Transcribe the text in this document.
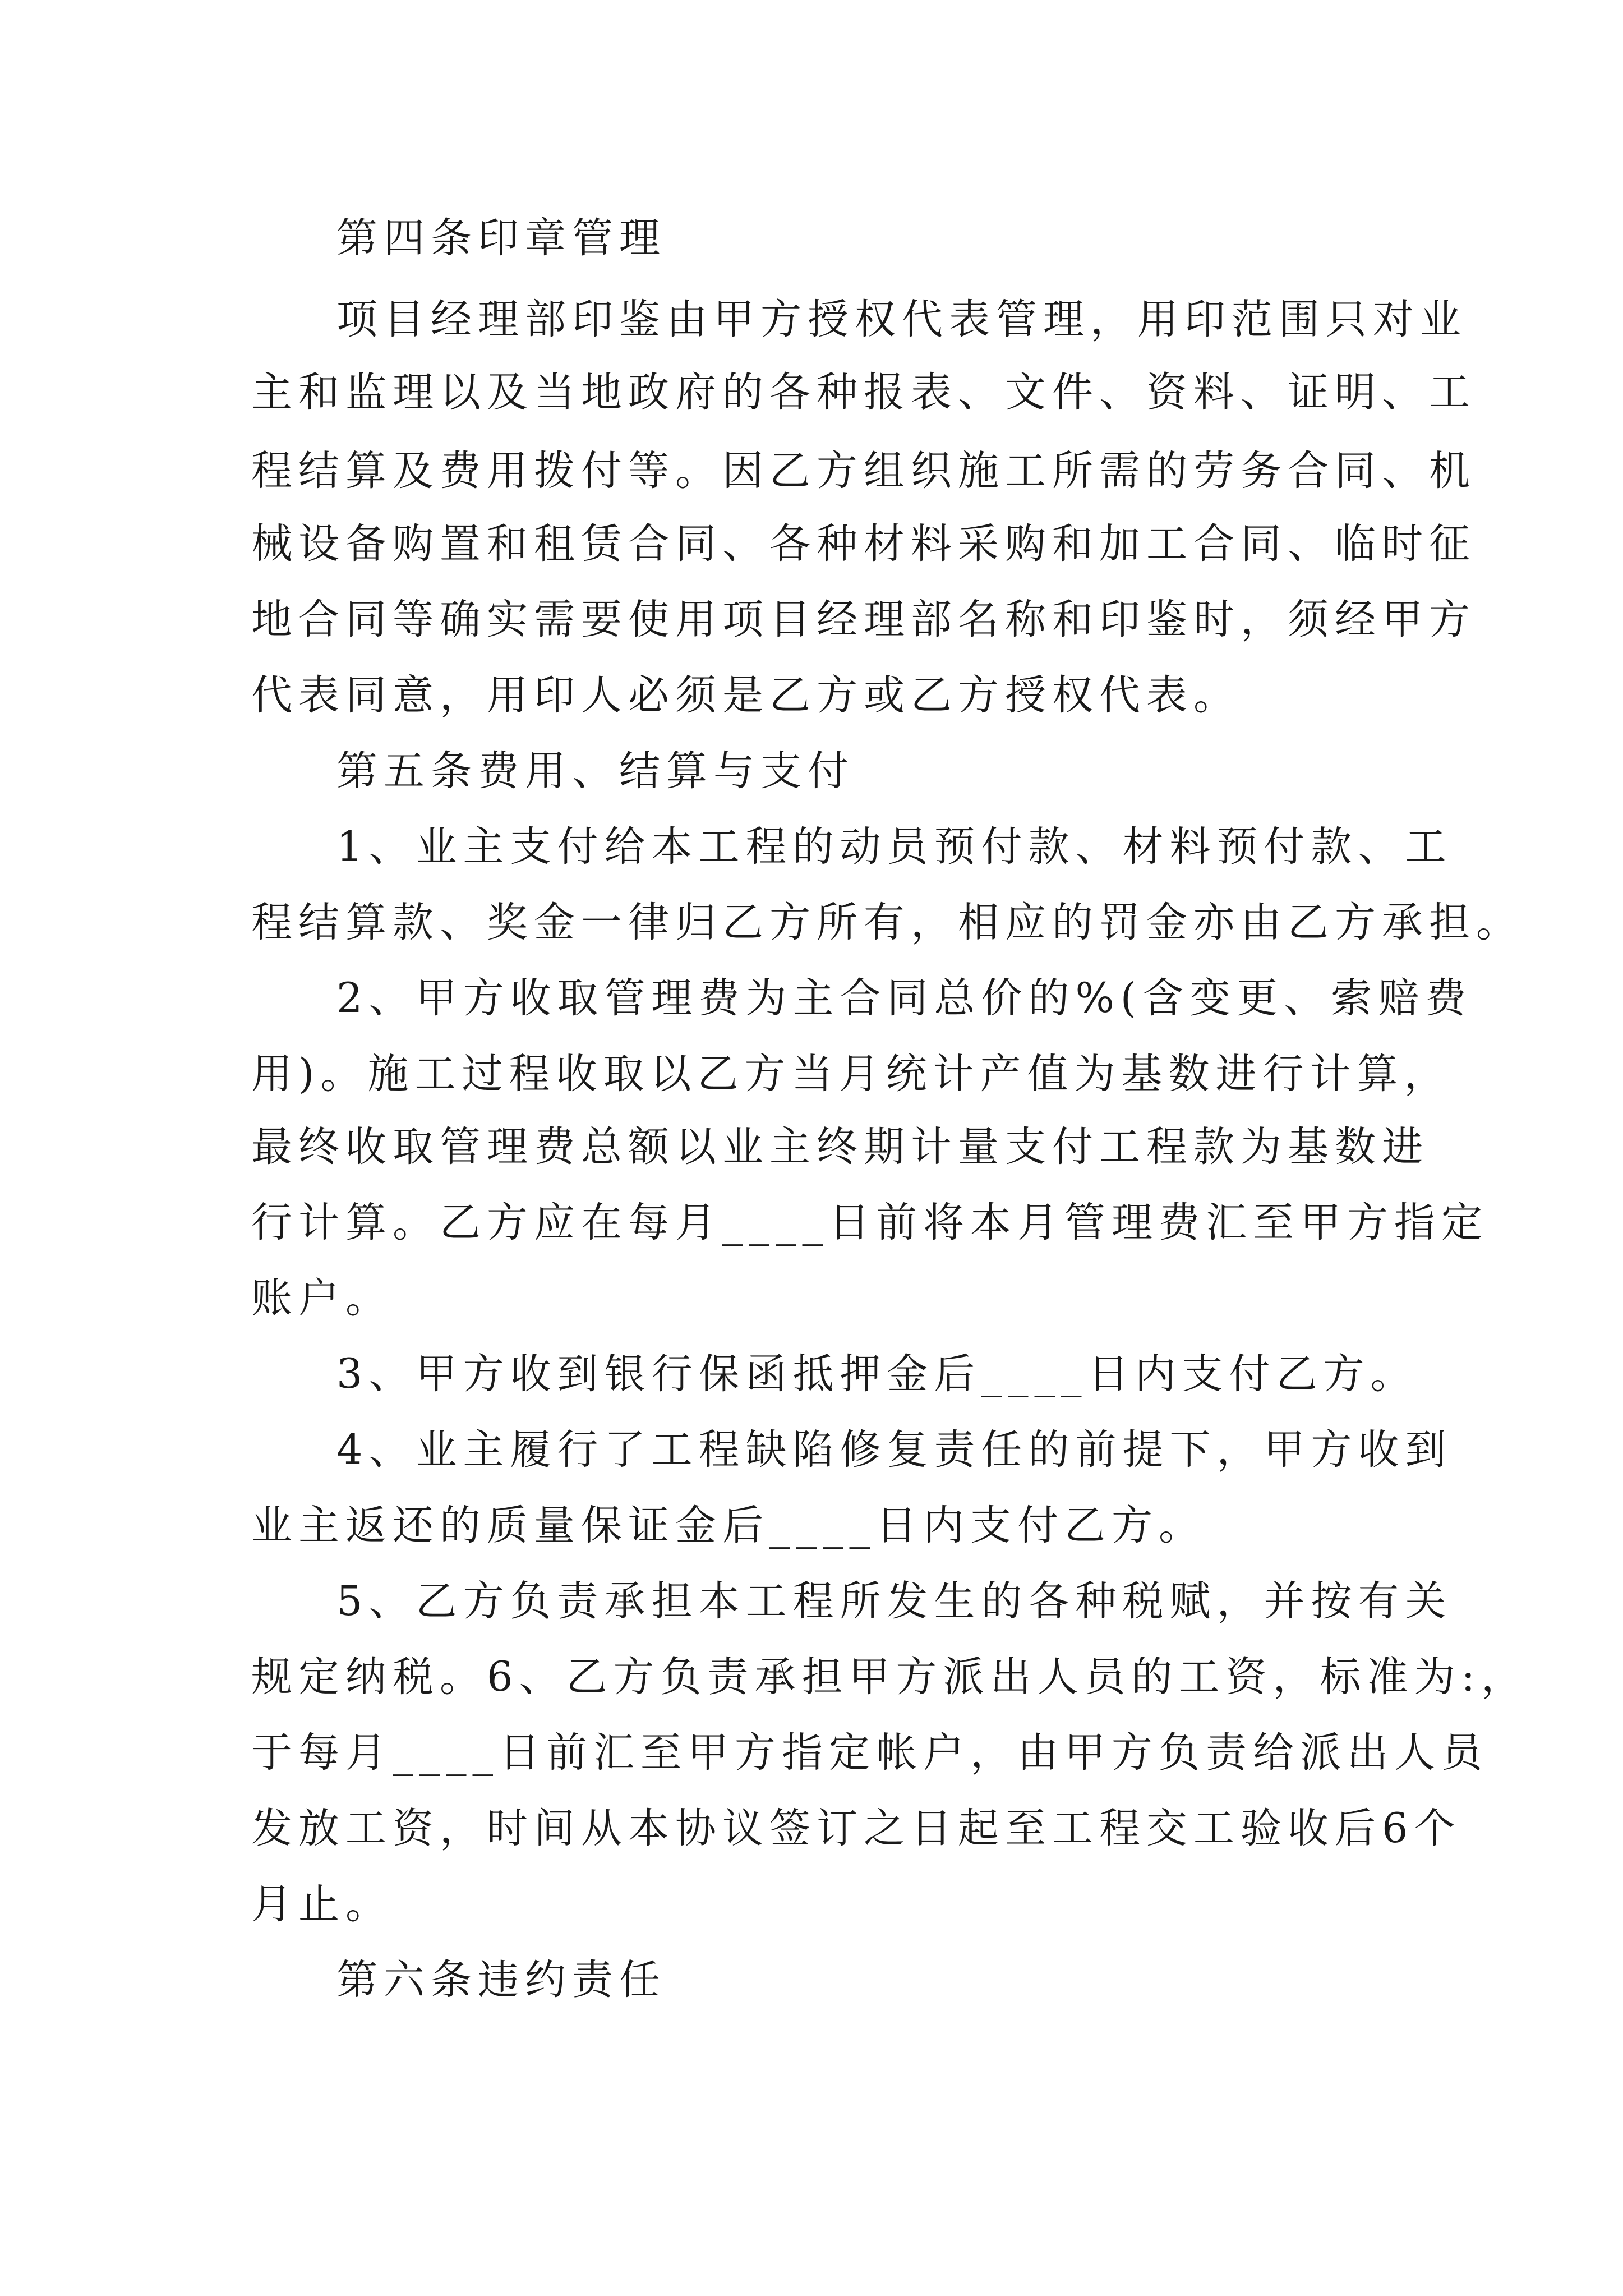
第四条印章管理

项目经理部印鉴由甲方授权代表管理，用印范围只对业

主和监理以及当地政府的各种报表、文件、资料、证明、工

程结算及费用拨付等。因乙方组织施工所需的劳务合同、机

械设备购置和租赁合同、各种材料采购和加工合同、临时征

地合同等确实需要使用项目经理部名称和印鉴时，须经甲方

代表同意，用印人必须是乙方或乙方授权代表。

第五条费用、结算与支付

1、业主支付给本工程的动员预付款、材料预付款、工

程结算款、奖金一律归乙方所有，相应的罚金亦由乙方承担。

2、甲方收取管理费为主合同总价的%(含变更、索赔费

用)。施工过程收取以乙方当月统计产值为基数进行计算，

最终收取管理费总额以业主终期计量支付工程款为基数进

行计算。乙方应在每月____日前将本月管理费汇至甲方指定

账户。

3、甲方收到银行保函抵押金后____日内支付乙方。

4、业主履行了工程缺陷修复责任的前提下，甲方收到

业主返还的质量保证金后____日内支付乙方。

5、乙方负责承担本工程所发生的各种税赋，并按有关

规定纳税。6、乙方负责承担甲方派出人员的工资，标准为:，

于每月____日前汇至甲方指定帐户，由甲方负责给派出人员

发放工资，时间从本协议签订之日起至工程交工验收后6个

月止。

第六条违约责任
